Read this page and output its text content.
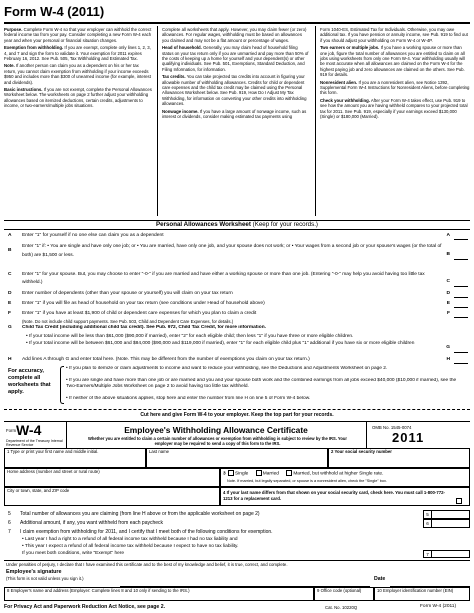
Form W-4 (2011)

Purpose. Complete Form W-4 so that your employer can withhold the correct federal income tax from your pay. Consider completing a new Form W-4 each year and when your personal or financial situation changes.

Exemption from withholding. If you are exempt, complete only lines 1, 2, 3, 4, and 7 and sign the form to validate it. Your exemption for 2011 expires February 16, 2012. See Pub. 505, Tax Withholding and Estimated Tax.

Note. If another person can claim you as a dependent on his or her tax return, you cannot claim exemption from withholding if your income exceeds $950 and includes more than $300 of unearned income (for example, interest and dividends).

Basic instructions. If you are not exempt, complete the Personal Allowances Worksheet below. The worksheets on page 2 further adjust your withholding allowances based on itemized deductions, certain credits, adjustments to income, or two-earners/multiple jobs situations.

Complete all worksheets that apply. However, you may claim fewer (or zero) allowances. For regular wages, withholding must be based on allowances you claimed and may not be a flat amount or percentage of wages.

Head of household. Generally, you may claim head of household filing status on your tax return only if you are unmarried and pay more than 50% of the costs of keeping up a home for yourself and your dependent(s) or other qualifying individuals. See Pub. 501, Exemptions, Standard Deduction, and Filing Information, for information.

Tax credits. You can take projected tax credits into account in figuring your allowable number of withholding allowances. Credits for child or dependent care expenses and the child tax credit may be claimed using the Personal Allowances Worksheet below. See Pub. 919, How Do I Adjust My Tax Withholding, for information on converting your other credits into withholding allowances.

Nonwage income. If you have a large amount of nonwage income, such as interest or dividends, consider making estimated tax payments using

Form 1040-ES, Estimated Tax for Individuals. Otherwise, you may owe additional tax. If you have pension or annuity income, see Pub. 919 to find out if you should adjust your withholding on Form W-4 or W-4P.

Two earners or multiple jobs. If you have a working spouse or more than one job, figure the total number of allowances you are entitled to claim on all jobs using worksheets from only one Form W-4. Your withholding usually will be most accurate when all allowances are claimed on the Form W-4 for the highest paying job and zero allowances are claimed on the others. See Pub. 919 for details.

Nonresident alien. If you are a nonresident alien, see Notice 1392, Supplemental Form W-4 Instructions for Nonresident Aliens, before completing this form.

Check your withholding. After your Form W-4 takes effect, use Pub. 919 to see how the amount you are having withheld compares to your projected total tax for 2011. See Pub. 919, especially if your earnings exceed $130,000 (Single) or $180,000 (Married).

Personal Allowances Worksheet (Keep for your records.)
A Enter "1" for yourself if no one else can claim you as a dependent	A
B
Enter "1" if: • You are single and have only one job; or • You are married, have only one job, and your spouse does not work; or • Your wages from a second job or your spouse's wages (or the total of both) are $1,500 or less.	B
C Enter "1" for your spouse. But, you may choose to enter "-0-" if you are married and have either a working spouse or more than one job. (Entering "-0-" may help you avoid having too little tax withheld.)	C
D Enter number of dependents (other than your spouse or yourself) you will claim on your tax return	D
E Enter "1" if you will file as head of household on your tax return (see conditions under Head of household above)	E
F Enter "1" if you have at least $1,900 of child or dependent care expenses for which you plan to claim a credit	F
(Note. Do not include child support payments. See Pub. 503, Child and Dependent Care Expenses, for details.)
G Child Tax Credit (including additional child tax credit). See Pub. 972, Child Tax Credit, for more information.
• If your total income will be less than $61,000 ($90,000 if married), enter "2" for each eligible child; then less "1" if you have three or more eligible children.
• If your total income will be between $61,000 and $84,000 ($90,000 and $119,000 if married), enter "1" for each eligible child plus "1" additional if you have six or more eligible children
G
H Add lines A through G and enter total here. (Note. This may be different from the number of exemptions you claim on your tax return.)	H
For accuracy, complete all worksheets that apply.
• If you plan to itemize or claim adjustments to income and want to reduce your withholding, see the Deductions and Adjustments Worksheet on page 2.
• If you are single and have more than one job or are married and you and your spouse both work and the combined earnings from all jobs exceed $40,000 ($10,000 if married), see the Two-Earners/Multiple Jobs Worksheet on page 2 to avoid having too little tax withheld.
• If neither of the above situations applies, stop here and enter the number from line H on line 5 of Form W-4 below.
Cut here and give Form W-4 to your employer. Keep the top part for your records.
Form W-4
Department of the Treasury Internal Revenue Service
Employee's Withholding Allowance Certificate
Whether you are entitled to claim a certain number of allowances or exemption from withholding is subject to review by the IRS. Your employer may be required to send a copy of this form to the IRS.
OMB No. 1545-0074
2011
1 Type or print your first name and middle initial.	Last name	2 Your social security number
Home address (number and street or rural route)	3 Single	Married	Married, but withhold at higher Single rate.
Note. If married, but legally separated, or spouse is a nonresident alien, check the "Single" box.
City or town, state, and ZIP code	4 If your last name differs from that shown on your social security card, check here. You must call 1-800-772-1213 for a replacement card.
5 Total number of allowances you are claiming (from line H above or from the applicable worksheet on page 2)	5
6 Additional amount, if any, you want withheld from each paycheck	6
7 I claim exemption from withholding for 2011, and I certify that I meet both of the following conditions for exemption.
• Last year I had a right to a refund of all federal income tax withheld because I had no tax liability and
• This year I expect a refund of all federal income tax withheld because I expect to have no tax liability.
If you meet both conditions, write "Exempt" here	7
Under penalties of perjury, I declare that I have examined this certificate and to the best of my knowledge and belief, it is true, correct, and complete.
Employee's signature
(This form is not valid unless you sign it.)	Date
8 Employer's name and address (Employer: Complete lines 8 and 10 only if sending to the IRS.)	9 Office code (optional)	10 Employer identification number (EIN)
For Privacy Act and Paperwork Reduction Act Notice, see page 2.	Cat. No. 10220Q	Form W-4 (2011)
